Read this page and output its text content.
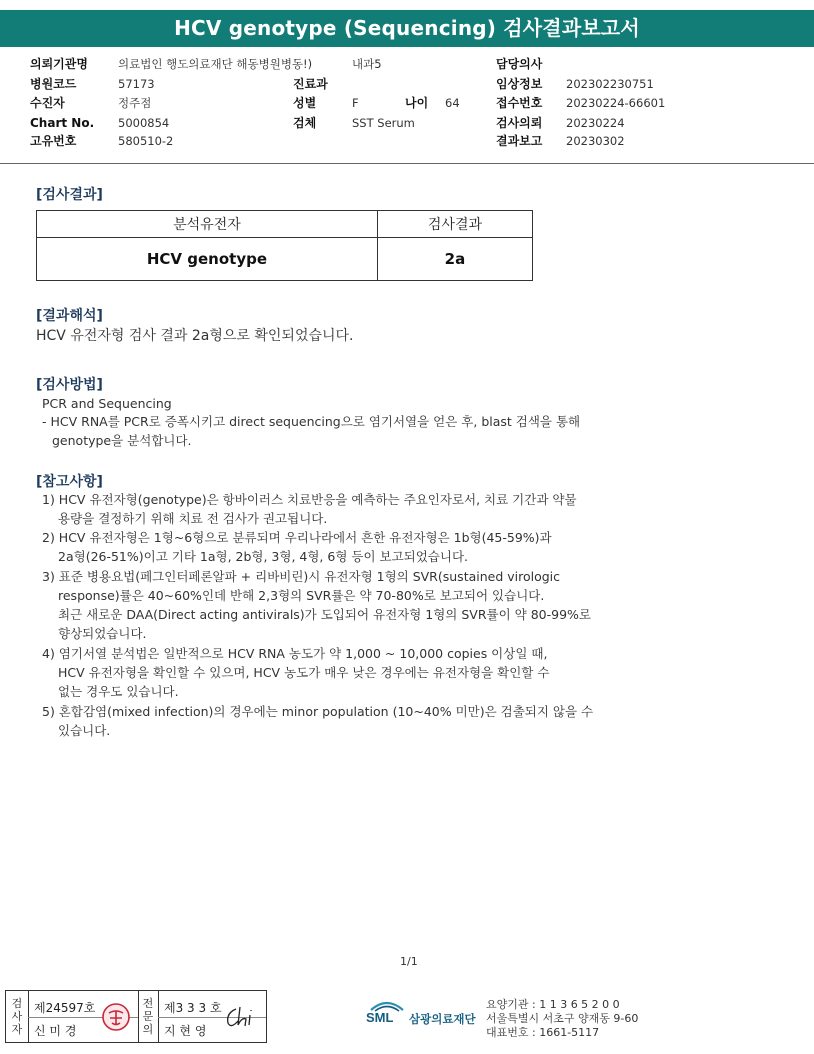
HCV genotype (Sequencing) 검사결과보고서
의뢰기관명	의료법인 행도의료재단 해동병원병동!)	내과5	담당의사
병원코드	57173	진료과	임상정보 202302230751
수진자	정주점	성별	F	나이 64	접수번호 20230224-66601
Chart No. 5000854	검체	SST Serum	검사의뢰 20230224
고유번호	580510-2	결과보고 20230302
[검사결과]
분석유전자	검사결과
HCV genotype	2a
[결과해석]
HCV 유전자형 검사 결과 2a형으로 확인되었습니다.
[검사방법]
PCR and Sequencing
- HCV RNA를 PCR로 증폭시키고 direct sequencing으로 염기서열을 얻은 후, blast 검색을 통해
genotype을 분석합니다.
[참고사항]
1) HCV 유전자형(genotype)은 항바이러스 치료반응을 예측하는 주요인자로서, 치료 기간과 약물
용량을 결정하기 위해 치료 전 검사가 권고됩니다.
2) HCV 유전자형은 1형~6형으로 분류되며 우리나라에서 흔한 유전자형은 1b형(45-59%)과
2a형(26-51%)이고 기타 1a형, 2b형, 3형, 4형, 6형 등이 보고되었습니다.
3) 표준 병용요법(페그인터페론알파 + 리바비린)시 유전자형 1형의 SVR(sustained virologic
response)률은 40~60%인데 반해 2,3형의 SVR률은 약 70-80%로 보고되어 있습니다.
최근 새로운 DAA(Direct acting antivirals)가 도입되어 유전자형 1형의 SVR률이 약 80-99%로
향상되었습니다.
4) 염기서열 분석법은 일반적으로 HCV RNA 농도가 약 1,000 ~ 10,000 copies 이상일 때,
HCV 유전자형을 확인할 수 있으며, HCV 농도가 매우 낮은 경우에는 유전자형을 확인할 수
없는 경우도 있습니다.
5) 혼합감염(mixed infection)의 경우에는 minor population (10~40% 미만)은 검출되지 않을 수
있습니다.
1/1
검
사
자
제24597호
신 미 경
전
문
의
제3 3 3 호
지 현 영
SML 삼광의료재단
요양기관 : 1 1 3 6 5 2 0 0
서울특별시 서초구 양재동 9-60
대표번호 : 1661-5117
